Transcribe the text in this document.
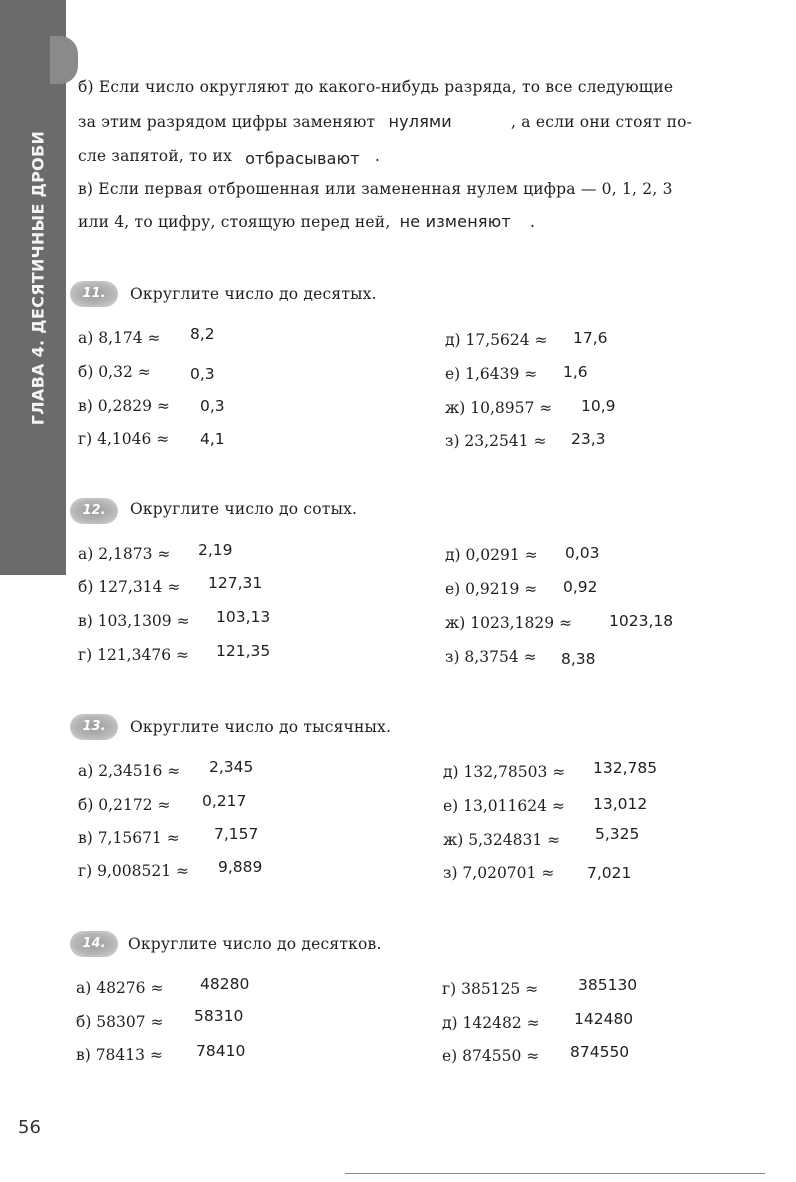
ГЛАВА 4. ДЕСЯТИЧНЫЕ ДРОБИ
б) Если число округляют до какого-нибудь разряда, то все следующие
за этим разрядом цифры заменяют нулями	, а если они стоят по-
сле запятой, то их отбрасывают .
в) Если первая отброшенная или замененная нулем цифра — 0, 1, 2, 3
или 4, то цифру, стоящую перед ней, не изменяют .
11.	Округлите число до десятых.
а) 8,174 ≈ 8,2
б) 0,32 ≈	0,3
в) 0,2829 ≈ 0,3
г) 4,1046 ≈ 4,1
д) 17,5624 ≈ 17,6
е) 1,6439 ≈ 1,6
ж) 10,8957 ≈ 10,9
з) 23,2541 ≈ 23,3
12.	Округлите число до сотых.
а) 2,1873 ≈ 2,19
б) 127,314 ≈ 127,31
в) 103,1309 ≈ 103,13
г) 121,3476 ≈ 121,35
д) 0,0291 ≈ 0,03
е) 0,9219 ≈ 0,92
ж) 1023,1829 ≈ 1023,18
з) 8,3754 ≈ 8,38
13.	Округлите число до тысячных.
а) 2,34516 ≈ 2,345
б) 0,2172 ≈ 0,217
в) 7,15671 ≈ 7,157
г) 9,008521 ≈ 9,889
д) 132,78503 ≈ 132,785
е) 13,011624 ≈ 13,012
ж) 5,324831 ≈ 5,325
з) 7,020701 ≈ 7,021
14.	Округлите число до десятков.
а) 48276 ≈ 48280
б) 58307 ≈ 58310
в) 78413 ≈ 78410
г) 385125 ≈	385130
д) 142482 ≈ 142480
е) 874550 ≈ 874550
56
